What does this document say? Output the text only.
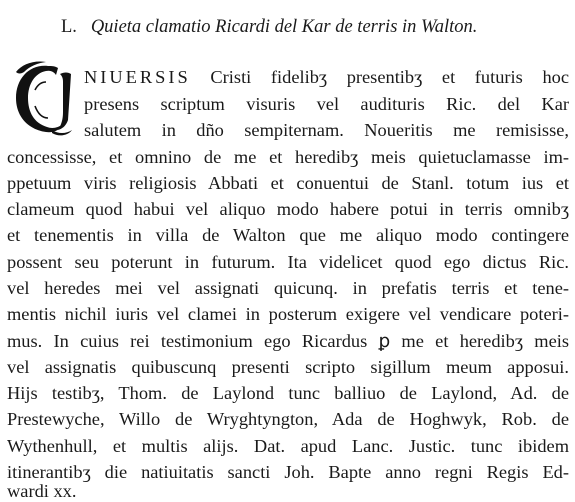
L. Quieta clamatio Ricardi del Kar de terris in Walton.
NIUERSIS Cristi fidelibʒ presentibʒ et futuris hoc
presens scriptum visuris vel audituris Ric. del Kar
salutem in dño sempiternam. Noueritis me remisisse,
concessisse, et omnino de me et heredibʒ meis quietuclamasse im-
ppetuum viris religiosis Abbati et conuentui de Stanl. totum ius et
clameum quod habui vel aliquo modo habere potui in terris omnibʒ
et tenementis in villa de Walton que me aliquo modo contingere
possent seu poterunt in futurum. Ita videlicet quod ego dictus Ric.
vel heredes mei vel assignati quicunq. in prefatis terris et tene-
mentis nichil iuris vel clamei in posterum exigere vel vendicare poteri-
mus. In cuius rei testimonium ego Ricardus ꝑ me et heredibʒ meis
vel assignatis quibuscunq presenti scripto sigillum meum apposui.
Hijs testibʒ, Thom. de Laylond tunc balliuo de Laylond, Ad. de
Prestewyche, Willo de Wryghtyngton, Ada de Hoghwyk, Rob. de
Wythenhull, et multis alijs. Dat. apud Lanc. Justic. tunc ibidem
itinerantibʒ die natiuitatis sancti Joh. Bapte anno regni Regis Ed-
wardi xx.
